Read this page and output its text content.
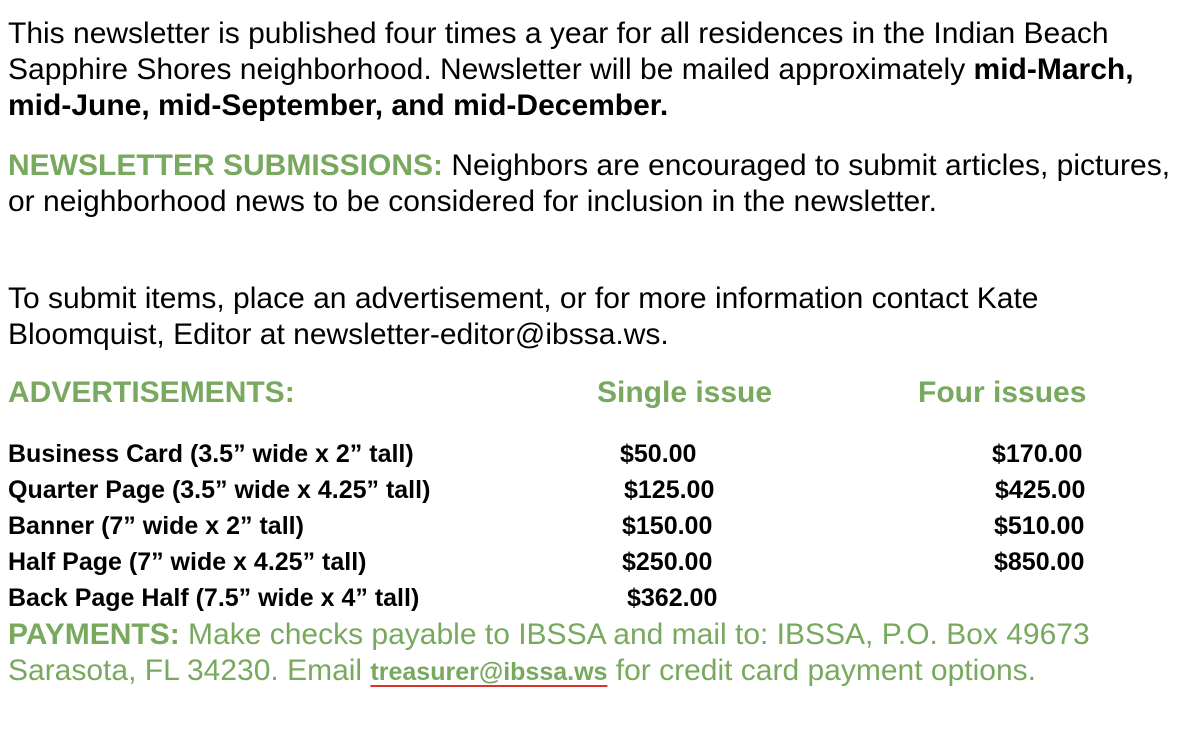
This newsletter is published four times a year for all residences in the Indian Beach Sapphire Shores neighborhood. Newsletter will be mailed approximately mid-March, mid-June, mid-September, and mid-December.

NEWSLETTER SUBMISSIONS: Neighbors are encouraged to submit articles, pictures, or neighborhood news to be considered for inclusion in the newsletter.

To submit items, place an advertisement, or for more information contact Kate Bloomquist, Editor at newsletter-editor@ibssa.ws.

ADVERTISEMENTS:	Single issue	Four issues
Business Card (3.5” wide x 2” tall)	$50.00	$170.00
Quarter Page (3.5” wide x 4.25” tall)	$125.00	$425.00
Banner (7” wide x 2” tall)	$150.00	$510.00
Half Page (7” wide x 4.25” tall)	$250.00	$850.00
Back Page Half (7.5” wide x 4” tall)	$362.00

PAYMENTS: Make checks payable to IBSSA and mail to: IBSSA, P.O. Box 49673 Sarasota, FL 34230. Email treasurer@ibssa.ws for credit card payment options.
